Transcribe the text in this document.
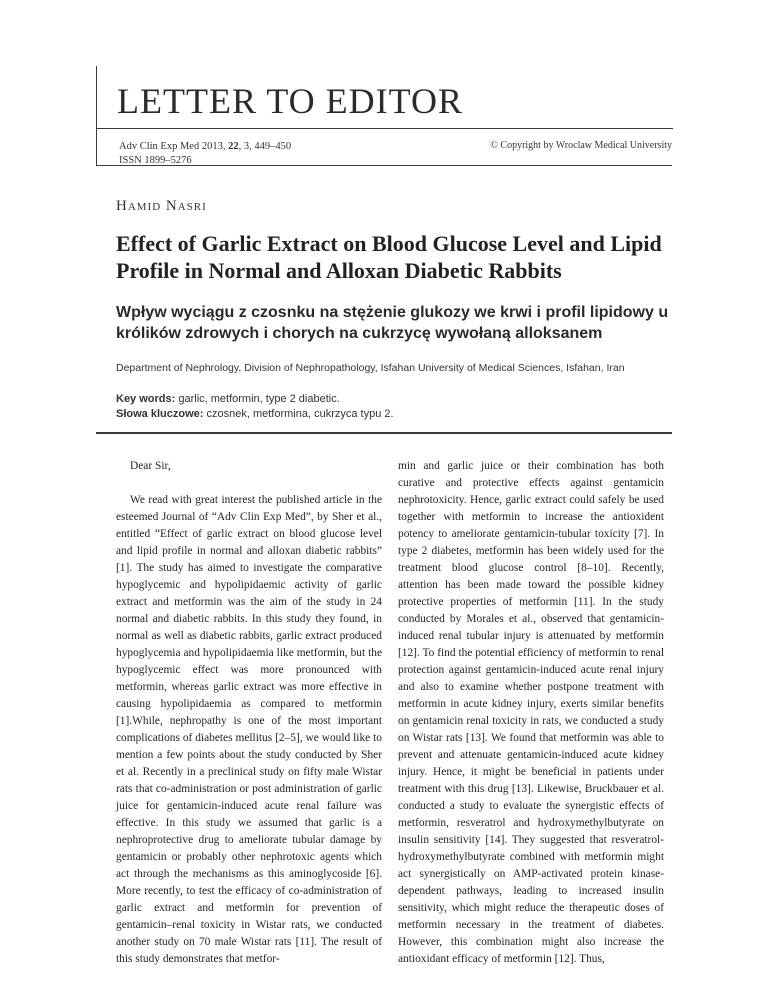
LETTER TO EDITOR
Adv Clin Exp Med 2013, 22, 3, 449–450
ISSN 1899–5276
© Copyright by Wroclaw Medical University
Hamid Nasri
Effect of Garlic Extract on Blood Glucose Level and Lipid Profile in Normal and Alloxan Diabetic Rabbits
Wpływ wyciągu z czosnku na stężenie glukozy we krwi i profil lipidowy u królików zdrowych i chorych na cukrzycę wywołaną alloksanem
Department of Nephrology, Division of Nephropathology, Isfahan University of Medical Sciences, Isfahan, Iran
Key words: garlic, metformin, type 2 diabetic.
Słowa kluczowe: czosnek, metformina, cukrzyca typu 2.

Dear Sir,

We read with great interest the published article in the esteemed Journal of “Adv Clin Exp Med”, by Sher et al., entitled “Effect of garlic extract on blood glucose level and lipid profile in normal and alloxan diabetic rabbits” [1]. The study has aimed to investigate the comparative hypoglycemic and hypolipidaemic activity of garlic extract and metformin was the aim of the study in 24 normal and diabetic rabbits. In this study they found, in normal as well as diabetic rabbits, garlic extract produced hypoglycemia and hypolipidaemia like metformin, but the hypoglycemic effect was more pronounced with metformin, whereas garlic extract was more effective in causing hypolipidaemia as compared to metformin [1].While, nephropathy is one of the most important complications of diabetes mellitus [2–5], we would like to mention a few points about the study conducted by Sher et al. Recently in a preclinical study on fifty male Wistar rats that co-administration or post administration of garlic juice for gentamicin-induced acute renal failure was effective. In this study we assumed that garlic is a nephroprotective drug to ameliorate tubular damage by gentamicin or probably other nephrotoxic agents which act through the mechanisms as this aminoglycoside [6]. More recently, to test the efficacy of co-administration of garlic extract and metformin for prevention of gentamicin–renal toxicity in Wistar rats, we conducted another study on 70 male Wistar rats [11]. The result of this study demonstrates that metfor-

min and garlic juice or their combination has both curative and protective effects against gentamicin nephrotoxicity. Hence, garlic extract could safely be used together with metformin to increase the antioxident potency to ameliorate gentamicin-tubular toxicity [7]. In type 2 diabetes, metformin has been widely used for the treatment blood glucose control [8–10]. Recently, attention has been made toward the possible kidney protective properties of metformin [11]. In the study conducted by Morales et al., observed that gentamicin-induced renal tubular injury is attenuated by metformin [12]. To find the potential efficiency of metformin to renal protection against gentamicin-induced acute renal injury and also to examine whether postpone treatment with metformin in acute kidney injury, exerts similar benefits on gentamicin renal toxicity in rats, we conducted a study on Wistar rats [13]. We found that metformin was able to prevent and attenuate gentamicin-induced acute kidney injury. Hence, it might be beneficial in patients under treatment with this drug [13]. Likewise, Bruckbauer et al. conducted a study to evaluate the synergistic effects of metformin, resveratrol and hydroxymethylbutyrate on insulin sensitivity [14]. They suggested that resveratrol-hydroxymethylbutyrate combined with metformin might act synergistically on AMP-activated protein kinase-dependent pathways, leading to increased insulin sensitivity, which might reduce the therapeutic doses of metformin necessary in the treatment of diabetes. However, this combination might also increase the antioxidant efficacy of metformin [12]. Thus,
